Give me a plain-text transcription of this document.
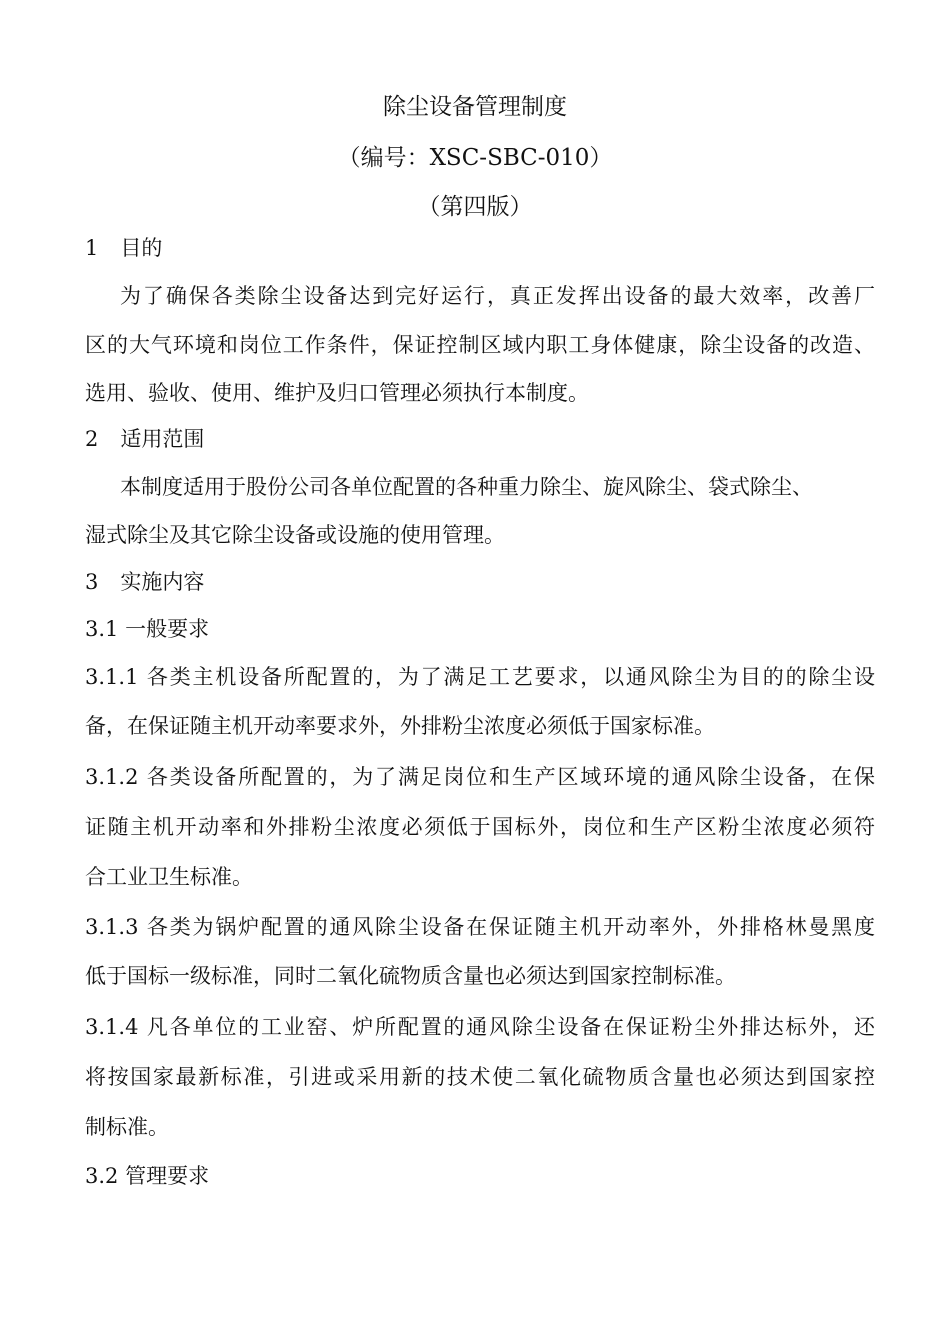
除尘设备管理制度
（编号：XSC-SBC-010）
（第四版）
1 目的
为了确保各类除尘设备达到完好运行，真正发挥出设备的最大效率，改善厂
区的大气环境和岗位工作条件，保证控制区域内职工身体健康，除尘设备的改造、
选用、验收、使用、维护及归口管理必须执行本制度。
2 适用范围
本制度适用于股份公司各单位配置的各种重力除尘、旋风除尘、袋式除尘、
湿式除尘及其它除尘设备或设施的使用管理。
3 实施内容
3.1 一般要求
3.1.1 各类主机设备所配置的，为了满足工艺要求，以通风除尘为目的的除尘设
备，在保证随主机开动率要求外，外排粉尘浓度必须低于国家标准。
3.1.2 各类设备所配置的，为了满足岗位和生产区域环境的通风除尘设备，在保
证随主机开动率和外排粉尘浓度必须低于国标外，岗位和生产区粉尘浓度必须符
合工业卫生标准。
3.1.3 各类为锅炉配置的通风除尘设备在保证随主机开动率外，外排格林曼黑度
低于国标一级标准，同时二氧化硫物质含量也必须达到国家控制标准。
3.1.4 凡各单位的工业窑、炉所配置的通风除尘设备在保证粉尘外排达标外，还
将按国家最新标准，引进或采用新的技术使二氧化硫物质含量也必须达到国家控
制标准。
3.2 管理要求
